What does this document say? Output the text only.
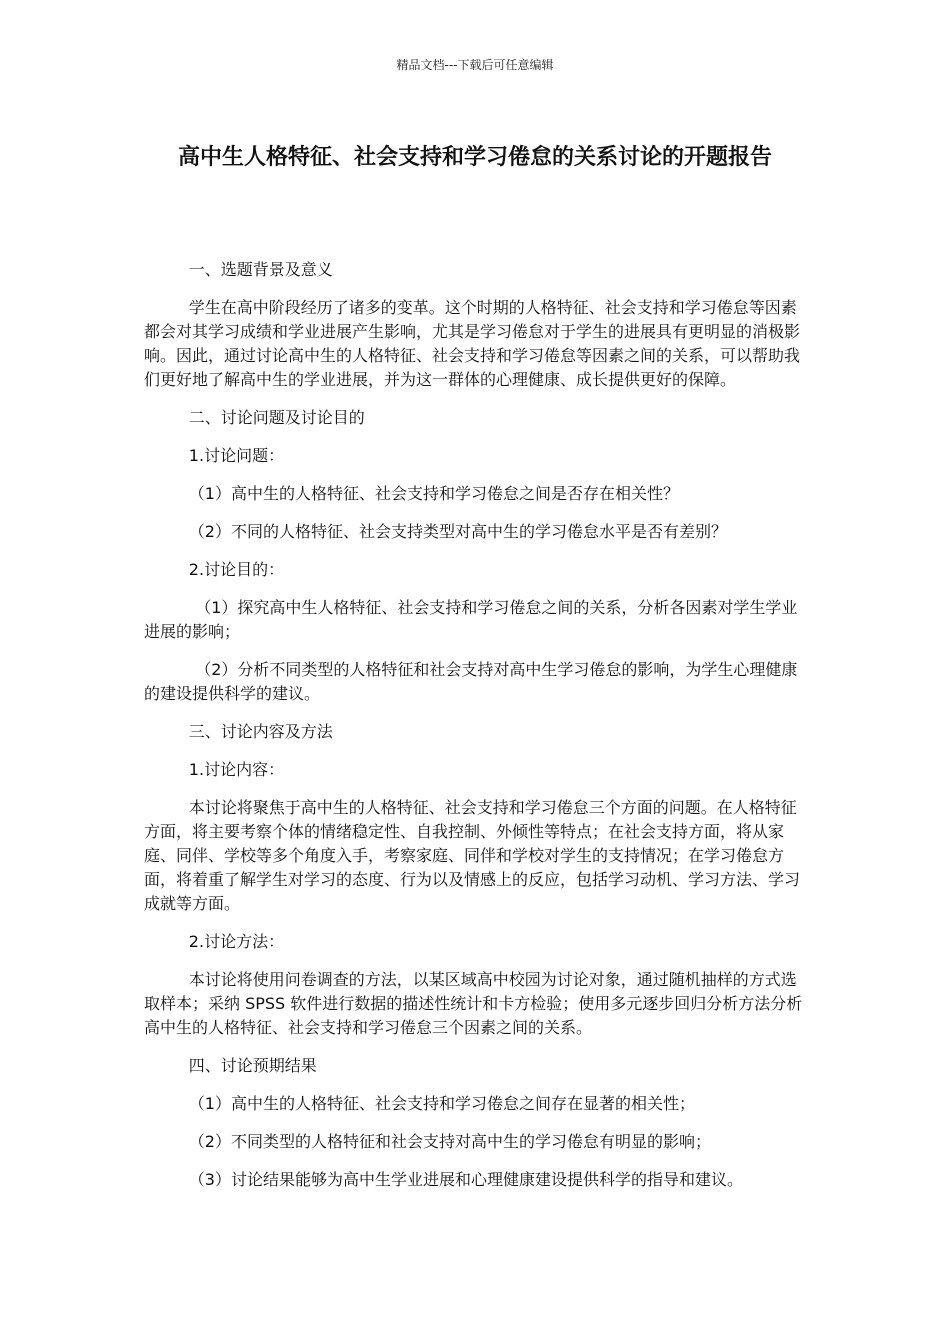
精品文档---下载后可任意编辑
高中生人格特征、社会支持和学习倦怠的关系讨论的开题报告

一、选题背景及意义

学生在高中阶段经历了诸多的变革。这个时期的人格特征、社会支持和学习倦怠等因素都会对其学习成绩和学业进展产生影响，尤其是学习倦怠对于学生的进展具有更明显的消极影响。因此，通过讨论高中生的人格特征、社会支持和学习倦怠等因素之间的关系，可以帮助我们更好地了解高中生的学业进展，并为这一群体的心理健康、成长提供更好的保障。

二、讨论问题及讨论目的

1.讨论问题：

（1）高中生的人格特征、社会支持和学习倦怠之间是否存在相关性？

（2）不同的人格特征、社会支持类型对高中生的学习倦怠水平是否有差别？

2.讨论目的：

（1）探究高中生人格特征、社会支持和学习倦怠之间的关系，分析各因素对学生学业进展的影响；

（2）分析不同类型的人格特征和社会支持对高中生学习倦怠的影响，为学生心理健康的建设提供科学的建议。

三、讨论内容及方法

1.讨论内容：

本讨论将聚焦于高中生的人格特征、社会支持和学习倦怠三个方面的问题。在人格特征方面，将主要考察个体的情绪稳定性、自我控制、外倾性等特点；在社会支持方面，将从家庭、同伴、学校等多个角度入手，考察家庭、同伴和学校对学生的支持情况；在学习倦怠方面，将着重了解学生对学习的态度、行为以及情感上的反应，包括学习动机、学习方法、学习成就等方面。

2.讨论方法：

本讨论将使用问卷调查的方法，以某区域高中校园为讨论对象，通过随机抽样的方式选取样本；采纳 SPSS 软件进行数据的描述性统计和卡方检验；使用多元逐步回归分析方法分析高中生的人格特征、社会支持和学习倦怠三个因素之间的关系。

四、讨论预期结果

（1）高中生的人格特征、社会支持和学习倦怠之间存在显著的相关性；

（2）不同类型的人格特征和社会支持对高中生的学习倦怠有明显的影响；

（3）讨论结果能够为高中生学业进展和心理健康建设提供科学的指导和建议。
